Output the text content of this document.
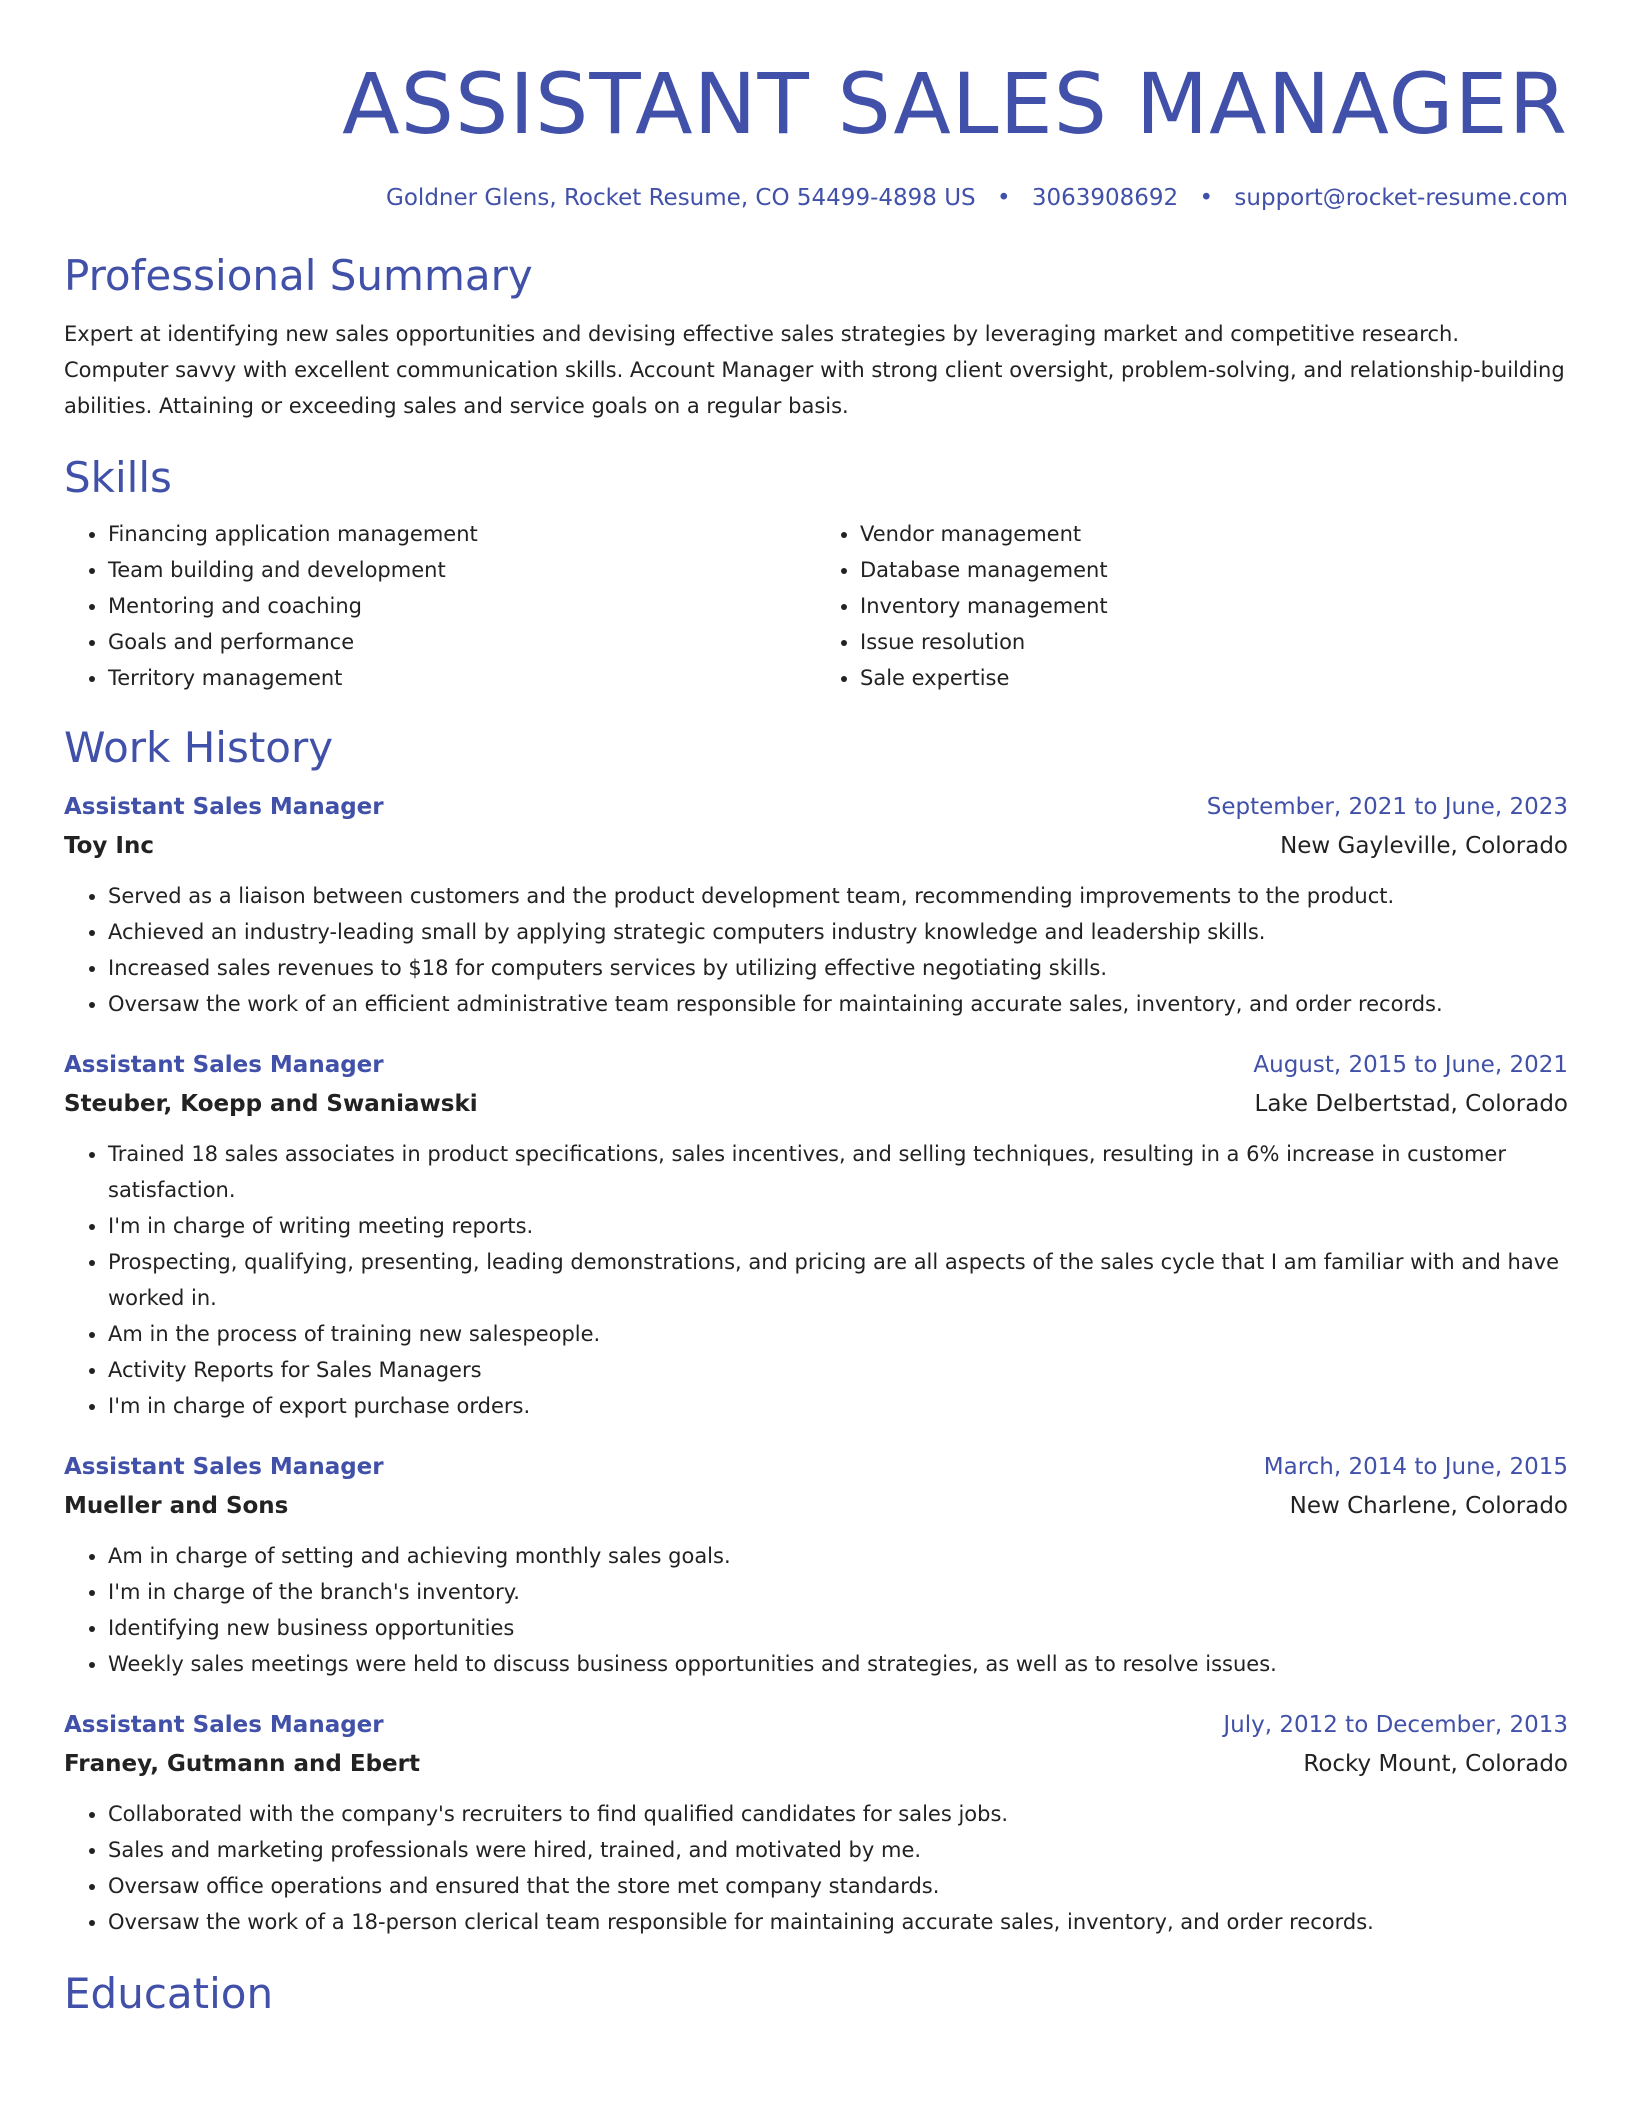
ASSISTANT SALES MANAGER
Goldner Glens, Rocket Resume, CO 54499-4898 US • 3063908692 • support@rocket-resume.com
Professional Summary
Expert at identifying new sales opportunities and devising effective sales strategies by leveraging market and competitive research. Computer savvy with excellent communication skills. Account Manager with strong client oversight, problem-solving, and relationship-building abilities. Attaining or exceeding sales and service goals on a regular basis.
Skills
• Financing application management
• Team building and development
• Mentoring and coaching
• Goals and performance
• Territory management
• Vendor management
• Database management
• Inventory management
• Issue resolution
• Sale expertise
Work History
Assistant Sales Manager	September, 2021 to June, 2023
Toy Inc	New Gayleville, Colorado
• Served as a liaison between customers and the product development team, recommending improvements to the product.
• Achieved an industry-leading small by applying strategic computers industry knowledge and leadership skills.
• Increased sales revenues to $18 for computers services by utilizing effective negotiating skills.
• Oversaw the work of an efficient administrative team responsible for maintaining accurate sales, inventory, and order records.
Assistant Sales Manager	August, 2015 to June, 2021
Steuber, Koepp and Swaniawski	Lake Delbertstad, Colorado
• Trained 18 sales associates in product specifications, sales incentives, and selling techniques, resulting in a 6% increase in customer satisfaction.
• I'm in charge of writing meeting reports.
• Prospecting, qualifying, presenting, leading demonstrations, and pricing are all aspects of the sales cycle that I am familiar with and have worked in.
• Am in the process of training new salespeople.
• Activity Reports for Sales Managers
• I'm in charge of export purchase orders.
Assistant Sales Manager	March, 2014 to June, 2015
Mueller and Sons	New Charlene, Colorado
• Am in charge of setting and achieving monthly sales goals.
• I'm in charge of the branch's inventory.
• Identifying new business opportunities
• Weekly sales meetings were held to discuss business opportunities and strategies, as well as to resolve issues.
Assistant Sales Manager	July, 2012 to December, 2013
Franey, Gutmann and Ebert	Rocky Mount, Colorado
• Collaborated with the company's recruiters to find qualified candidates for sales jobs.
• Sales and marketing professionals were hired, trained, and motivated by me.
• Oversaw office operations and ensured that the store met company standards.
• Oversaw the work of a 18-person clerical team responsible for maintaining accurate sales, inventory, and order records.
Education
